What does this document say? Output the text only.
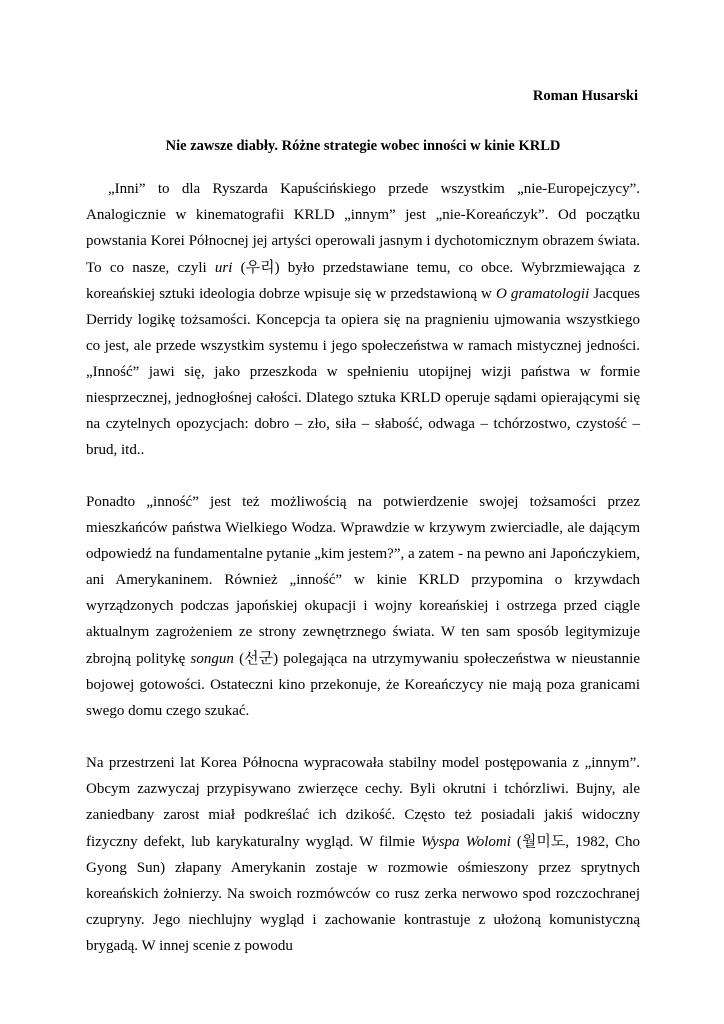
Roman Husarski

Nie zawsze diabły. Różne strategie wobec inności w kinie KRLD

„Inni” to dla Ryszarda Kapuścińskiego przede wszystkim „nie-Europejczycy”. Analogicznie w kinematografii KRLD „innym” jest „nie-Koreańczyk”. Od początku powstania Korei Północnej jej artyści operowali jasnym i dychotomicznym obrazem świata. To co nasze, czyli uri (우리) było przedstawiane temu, co obce. Wybrzmiewająca z koreańskiej sztuki ideologia dobrze wpisuje się w przedstawioną w O gramatologii Jacques Derridy logikę tożsamości. Koncepcja ta opiera się na pragnieniu ujmowania wszystkiego co jest, ale przede wszystkim systemu i jego społeczeństwa w ramach mistycznej jedności. „Inność” jawi się, jako przeszkoda w spełnieniu utopijnej wizji państwa w formie niesprzecznej, jednogłośnej całości. Dlatego sztuka KRLD operuje sądami opierającymi się na czytelnych opozycjach: dobro – zło, siła – słabość, odwaga – tchórzostwo, czystość – brud, itd..

Ponadto „inność” jest też możliwością na potwierdzenie swojej tożsamości przez mieszkańców państwa Wielkiego Wodza. Wprawdzie w krzywym zwierciadle, ale dającym odpowiedź na fundamentalne pytanie „kim jestem?”, a zatem - na pewno ani Japończykiem, ani Amerykaninem. Również „inność” w kinie KRLD przypomina o krzywdach wyrządzonych podczas japońskiej okupacji i wojny koreańskiej i ostrzega przed ciągle aktualnym zagrożeniem ze strony zewnętrznego świata. W ten sam sposób legitymizuje zbrojną politykę songun (선군) polegająca na utrzymywaniu społeczeństwa w nieustannie bojowej gotowości. Ostateczni kino przekonuje, że Koreańczycy nie mają poza granicami swego domu czego szukać.

Na przestrzeni lat Korea Północna wypracowała stabilny model postępowania z „innym”. Obcym zazwyczaj przypisywano zwierzęce cechy. Byli okrutni i tchórzliwi. Bujny, ale zaniedbany zarost miał podkreślać ich dzikość. Często też posiadali jakiś widoczny fizyczny defekt, lub karykaturalny wygląd. W filmie Wyspa Wolomi (월미도, 1982, Cho Gyong Sun) złapany Amerykanin zostaje w rozmowie ośmieszony przez sprytnych koreańskich żołnierzy. Na swoich rozmówców co rusz zerka nerwowo spod rozczochranej czupryny. Jego niechlujny wygląd i zachowanie kontrastuje z ułożoną komunistyczną brygadą. W innej scenie z powodu
